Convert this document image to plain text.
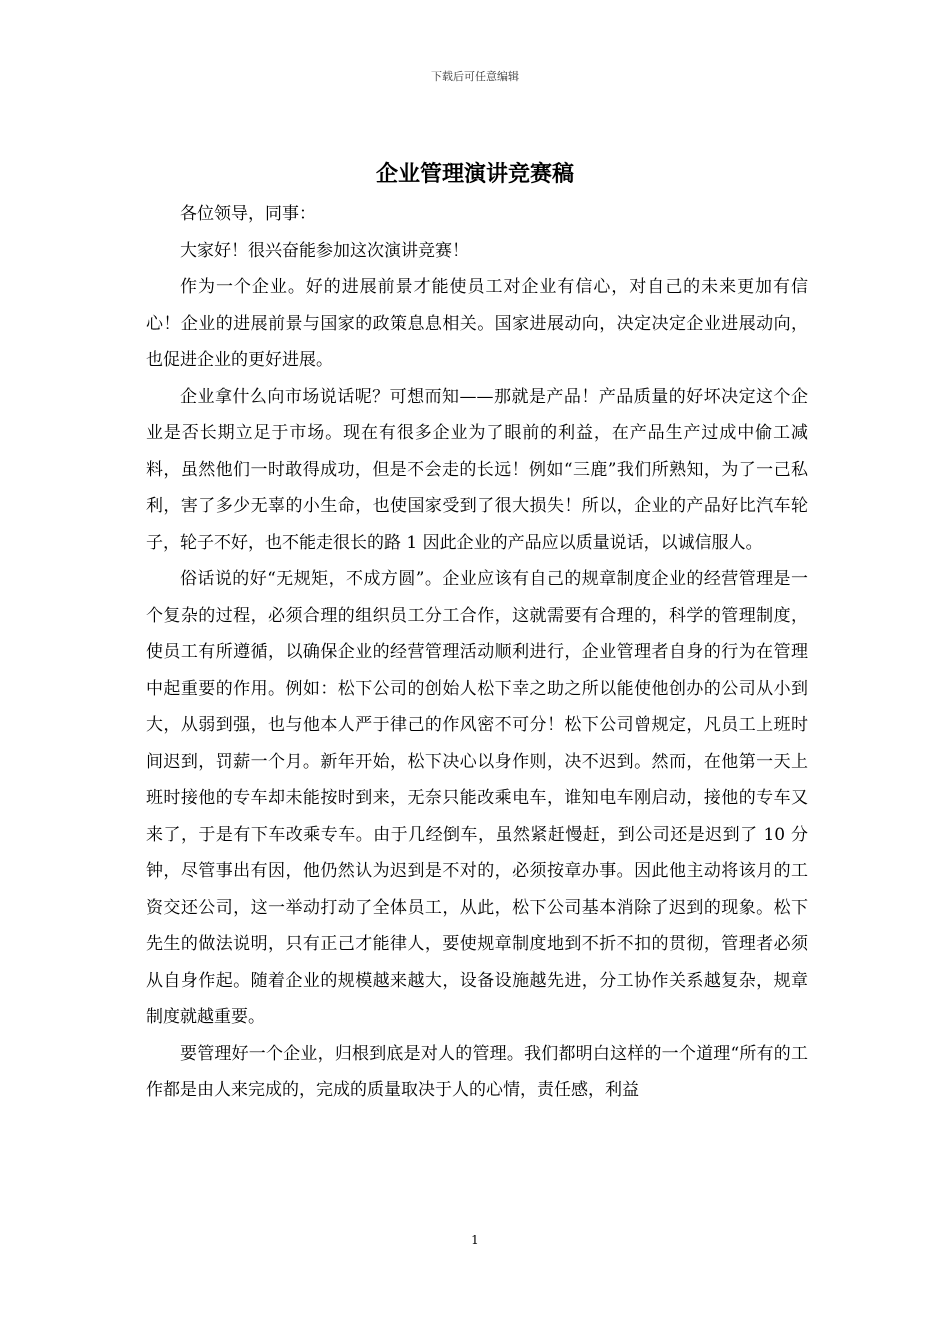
下载后可任意编辑
企业管理演讲竞赛稿

各位领导，同事：

大家好！很兴奋能参加这次演讲竞赛！

作为一个企业。好的进展前景才能使员工对企业有信心，对自己的未来更加有信心！企业的进展前景与国家的政策息息相关。国家进展动向，决定决定企业进展动向，也促进企业的更好进展。

企业拿什么向市场说话呢？可想而知——那就是产品！产品质量的好坏决定这个企业是否长期立足于市场。现在有很多企业为了眼前的利益，在产品生产过成中偷工减料，虽然他们一时敢得成功，但是不会走的长远！例如“三鹿”我们所熟知，为了一己私利，害了多少无辜的小生命，也使国家受到了很大损失！所以，企业的产品好比汽车轮子，轮子不好，也不能走很长的路 1 因此企业的产品应以质量说话，以诚信服人。

俗话说的好“无规矩，不成方圆”。企业应该有自己的规章制度企业的经营管理是一个复杂的过程，必须合理的组织员工分工合作，这就需要有合理的，科学的管理制度，使员工有所遵循，以确保企业的经营管理活动顺利进行，企业管理者自身的行为在管理中起重要的作用。例如：松下公司的创始人松下幸之助之所以能使他创办的公司从小到大，从弱到强，也与他本人严于律己的作风密不可分！松下公司曾规定，凡员工上班时间迟到，罚薪一个月。新年开始，松下决心以身作则，决不迟到。然而，在他第一天上班时接他的专车却未能按时到来，无奈只能改乘电车，谁知电车刚启动，接他的专车又来了，于是有下车改乘专车。由于几经倒车，虽然紧赶慢赶，到公司还是迟到了 10 分钟，尽管事出有因，他仍然认为迟到是不对的，必须按章办事。因此他主动将该月的工资交还公司，这一举动打动了全体员工，从此，松下公司基本消除了迟到的现象。松下先生的做法说明，只有正己才能律人，要使规章制度地到不折不扣的贯彻，管理者必须从自身作起。随着企业的规模越来越大，设备设施越先进，分工协作关系越复杂，规章制度就越重要。

要管理好一个企业，归根到底是对人的管理。我们都明白这样的一个道理“所有的工作都是由人来完成的，完成的质量取决于人的心情，责任感，利益

1
